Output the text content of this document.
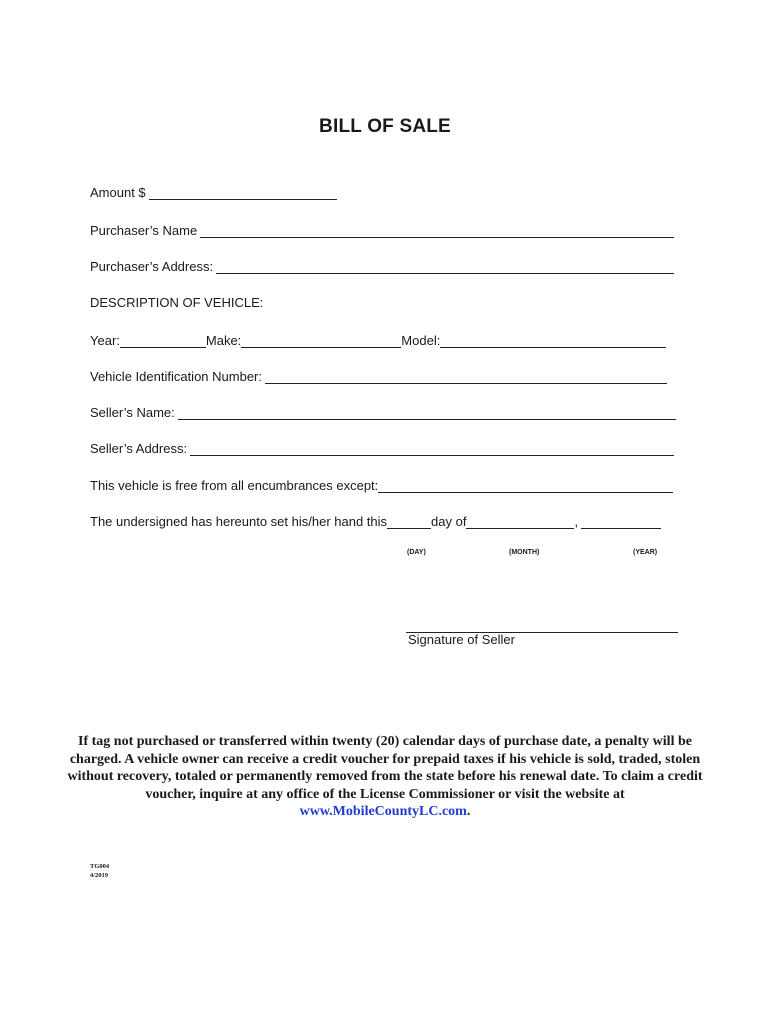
BILL OF SALE
Amount $
Purchaser’s Name
Purchaser’s Address:
DESCRIPTION OF VEHICLE:
Year:	Make:	Model:
Vehicle Identification Number:
Seller’s Name:
Seller’s Address:
This vehicle is free from all encumbrances except:
The undersigned has hereunto set his/her hand this	day of	,
(DAY)	(MONTH)	(YEAR)
Signature of Seller
If tag not purchased or transferred within twenty (20) calendar days of purchase date, a penalty will be charged. A vehicle owner can receive a credit voucher for prepaid taxes if his vehicle is sold, traded, stolen without recovery, totaled or permanently removed from the state before his renewal date. To claim a credit voucher, inquire at any office of the License Commissioner or visit the website at www.MobileCountyLC.com.
TG004
4/2019
